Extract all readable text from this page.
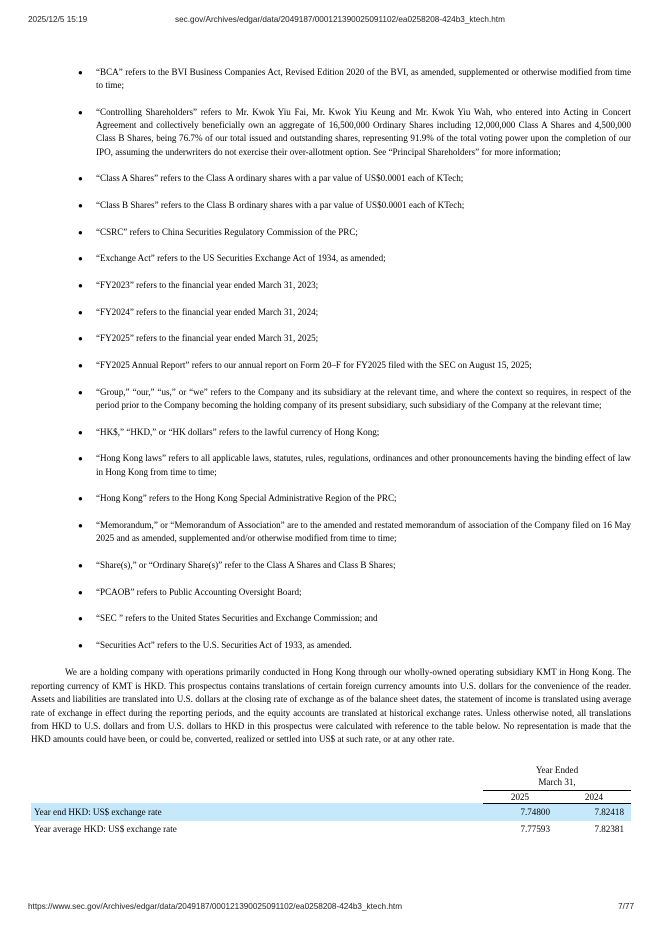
2025/12/5 15:19	sec.gov/Archives/edgar/data/2049187/000121390025091102/ea0258208-424b3_ktech.htm
● “BCA” refers to the BVI Business Companies Act, Revised Edition 2020 of the BVI, as amended, supplemented or otherwise modified from time to time;
● “Controlling Shareholders” refers to Mr. Kwok Yiu Fai, Mr. Kwok Yiu Keung and Mr. Kwok Yiu Wah, who entered into Acting in Concert Agreement and collectively beneficially own an aggregate of 16,500,000 Ordinary Shares including 12,000,000 Class A Shares and 4,500,000 Class B Shares, being 76.7% of our total issued and outstanding shares, representing 91.9% of the total voting power upon the completion of our IPO, assuming the underwriters do not exercise their over-allotment option. See “Principal Shareholders” for more information;
● “Class A Shares” refers to the Class A ordinary shares with a par value of US$0.0001 each of KTech;
● “Class B Shares” refers to the Class B ordinary shares with a par value of US$0.0001 each of KTech;
● “CSRC” refers to China Securities Regulatory Commission of the PRC;
● “Exchange Act” refers to the US Securities Exchange Act of 1934, as amended;
● “FY2023” refers to the financial year ended March 31, 2023;
● “FY2024” refers to the financial year ended March 31, 2024;
● “FY2025” refers to the financial year ended March 31, 2025;
● “FY2025 Annual Report” refers to our annual report on Form 20–F for FY2025 filed with the SEC on August 15, 2025;
● “Group,” “our,” “us,” or “we” refers to the Company and its subsidiary at the relevant time, and where the context so requires, in respect of the period prior to the Company becoming the holding company of its present subsidiary, such subsidiary of the Company at the relevant time;
● “HK$,” “HKD,” or “HK dollars” refers to the lawful currency of Hong Kong;
● “Hong Kong laws” refers to all applicable laws, statutes, rules, regulations, ordinances and other pronouncements having the binding effect of law in Hong Kong from time to time;
● “Hong Kong” refers to the Hong Kong Special Administrative Region of the PRC;
● “Memorandum,” or “Memorandum of Association” are to the amended and restated memorandum of association of the Company filed on 16 May 2025 and as amended, supplemented and/or otherwise modified from time to time;
● “Share(s),” or “Ordinary Share(s)” refer to the Class A Shares and Class B Shares;
● “PCAOB” refers to Public Accounting Oversight Board;
● “SEC ” refers to the United States Securities and Exchange Commission; and
● “Securities Act” refers to the U.S. Securities Act of 1933, as amended.

We are a holding company with operations primarily conducted in Hong Kong through our wholly-owned operating subsidiary KMT in Hong Kong. The reporting currency of KMT is HKD. This prospectus contains translations of certain foreign currency amounts into U.S. dollars for the convenience of the reader. Assets and liabilities are translated into U.S. dollars at the closing rate of exchange as of the balance sheet dates, the statement of income is translated using average rate of exchange in effect during the reporting periods, and the equity accounts are translated at historical exchange rates. Unless otherwise noted, all translations from HKD to U.S. dollars and from U.S. dollars to HKD in this prospectus were calculated with reference to the table below. No representation is made that the HKD amounts could have been, or could be, converted, realized or settled into US$ at such rate, or at any other rate.

	Year Ended
March 31,	

	2025	2024
Year end HKD: US$ exchange rate	7.74800	7.82418
Year average HKD: US$ exchange rate	7.77593	7.82381
https://www.sec.gov/Archives/edgar/data/2049187/000121390025091102/ea0258208-424b3_ktech.htm	7/77
